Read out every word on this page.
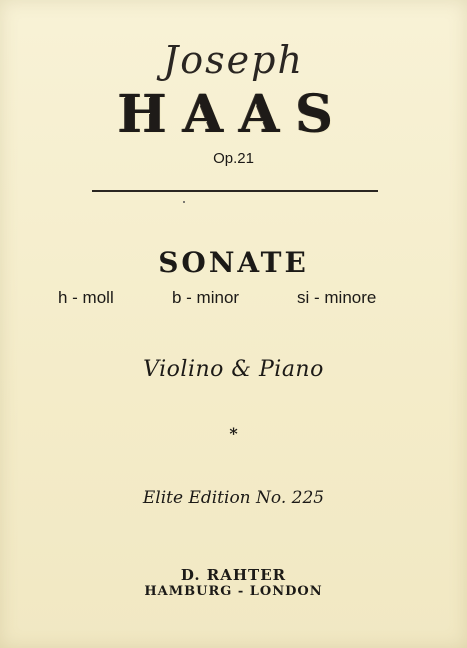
Joseph
HAAS
Op.21
SONATE
h - moll	b - minor	si - minore
Violino & Piano
*
Elite Edition No. 225
D. RAHTER
HAMBURG - LONDON
